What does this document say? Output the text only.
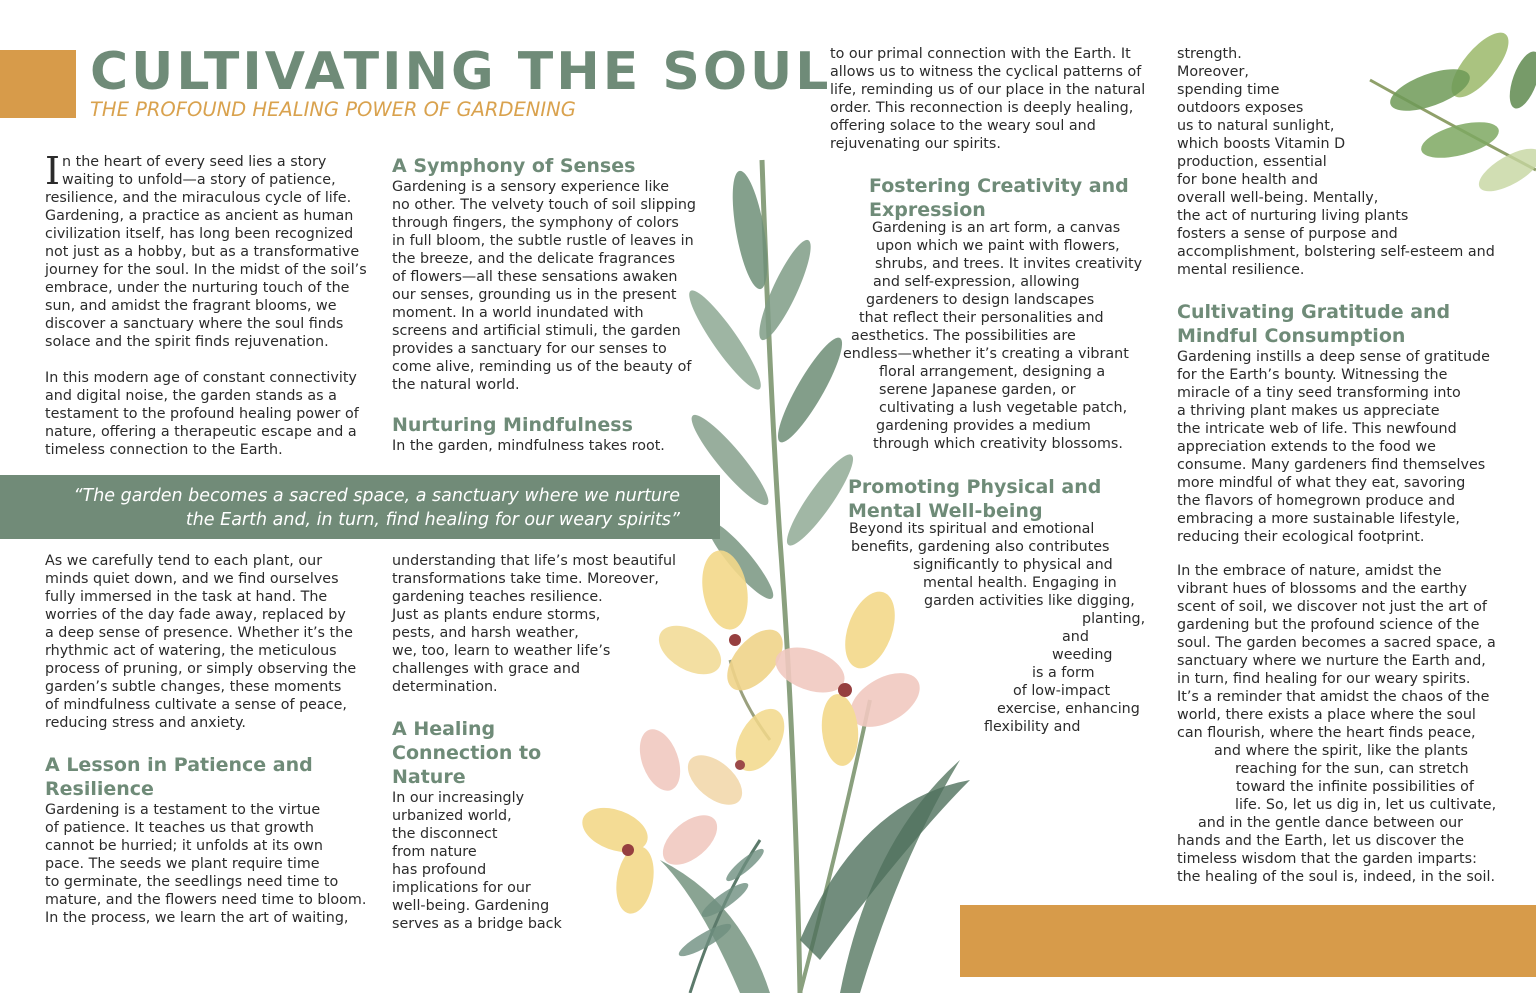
CULTIVATING THE SOUL
THE PROFOUND HEALING POWER OF GARDENING

In the heart of every seed lies a story
waiting to unfold—a story of patience,
resilience, and the miraculous cycle of life.
Gardening, a practice as ancient as human
civilization itself, has long been recognized
not just as a hobby, but as a transformative
journey for the soul. In the midst of the soil’s
embrace, under the nurturing touch of the
sun, and amidst the fragrant blooms, we
discover a sanctuary where the soul finds
solace and the spirit finds rejuvenation.

In this modern age of constant connectivity
and digital noise, the garden stands as a
testament to the profound healing power of
nature, offering a therapeutic escape and a
timeless connection to the Earth.

A Symphony of Senses

Gardening is a sensory experience like
no other. The velvety touch of soil slipping
through fingers, the symphony of colors
in full bloom, the subtle rustle of leaves in
the breeze, and the delicate fragrances
of flowers—all these sensations awaken
our senses, grounding us in the present
moment. In a world inundated with
screens and artificial stimuli, the garden
provides a sanctuary for our senses to
come alive, reminding us of the beauty of
the natural world.

Nurturing Mindfulness

In the garden, mindfulness takes root.

“The garden becomes a sacred space, a sanctuary where we nurture
the Earth and, in turn, find healing for our weary spirits”

As we carefully tend to each plant, our
minds quiet down, and we find ourselves
fully immersed in the task at hand. The
worries of the day fade away, replaced by
a deep sense of presence. Whether it’s the
rhythmic act of watering, the meticulous
process of pruning, or simply observing the
garden’s subtle changes, these moments
of mindfulness cultivate a sense of peace,
reducing stress and anxiety.

A Lesson in Patience and
Resilience

Gardening is a testament to the virtue
of patience. It teaches us that growth
cannot be hurried; it unfolds at its own
pace. The seeds we plant require time
to germinate, the seedlings need time to
mature, and the flowers need time to bloom.
In the process, we learn the art of waiting,

understanding that life’s most beautiful
transformations take time. Moreover,
gardening teaches resilience.
Just as plants endure storms,
pests, and harsh weather,
we, too, learn to weather life’s
challenges with grace and
determination.

A Healing
Connection to
Nature

In our increasingly
urbanized world,
the disconnect
from nature
has profound
implications for our
well-being. Gardening
serves as a bridge back

to our primal connection with the Earth. It
allows us to witness the cyclical patterns of
life, reminding us of our place in the natural
order. This reconnection is deeply healing,
offering solace to the weary soul and
rejuvenating our spirits.

Fostering Creativity and
Expression
Gardening is an art form, a canvas
upon which we paint with flowers,
shrubs, and trees. It invites creativity
and self-expression, allowing
gardeners to design landscapes
that reflect their personalities and
aesthetics. The possibilities are
endless—whether it’s creating a vibrant
floral arrangement, designing a
serene Japanese garden, or
cultivating a lush vegetable patch,
gardening provides a medium
through which creativity blossoms.
Promoting Physical and
Mental Well-being
Beyond its spiritual and emotional
benefits, gardening also contributes
significantly to physical and
mental health. Engaging in
garden activities like digging,
planting,
and
weeding
is a form
of low-impact
exercise, enhancing
flexibility and

strength.
Moreover,
spending time
outdoors exposes
us to natural sunlight,
which boosts Vitamin D
production, essential
for bone health and
overall well-being. Mentally,
the act of nurturing living plants
fosters a sense of purpose and
accomplishment, bolstering self-esteem and
mental resilience.

Cultivating Gratitude and
Mindful Consumption

Gardening instills a deep sense of gratitude
for the Earth’s bounty. Witnessing the
miracle of a tiny seed transforming into
a thriving plant makes us appreciate
the intricate web of life. This newfound
appreciation extends to the food we
consume. Many gardeners find themselves
more mindful of what they eat, savoring
the flavors of homegrown produce and
embracing a more sustainable lifestyle,
reducing their ecological footprint.

In the embrace of nature, amidst the
vibrant hues of blossoms and the earthy
scent of soil, we discover not just the art of
gardening but the profound science of the
soul. The garden becomes a sacred space, a
sanctuary where we nurture the Earth and,
in turn, find healing for our weary spirits.
It’s a reminder that amidst the chaos of the
world, there exists a place where the soul
can flourish, where the heart finds peace,
and where the spirit, like the plants
reaching for the sun, can stretch
toward the infinite possibilities of
life. So, let us dig in, let us cultivate,
and in the gentle dance between our
hands and the Earth, let us discover the
timeless wisdom that the garden imparts:
the healing of the soul is, indeed, in the soil.
